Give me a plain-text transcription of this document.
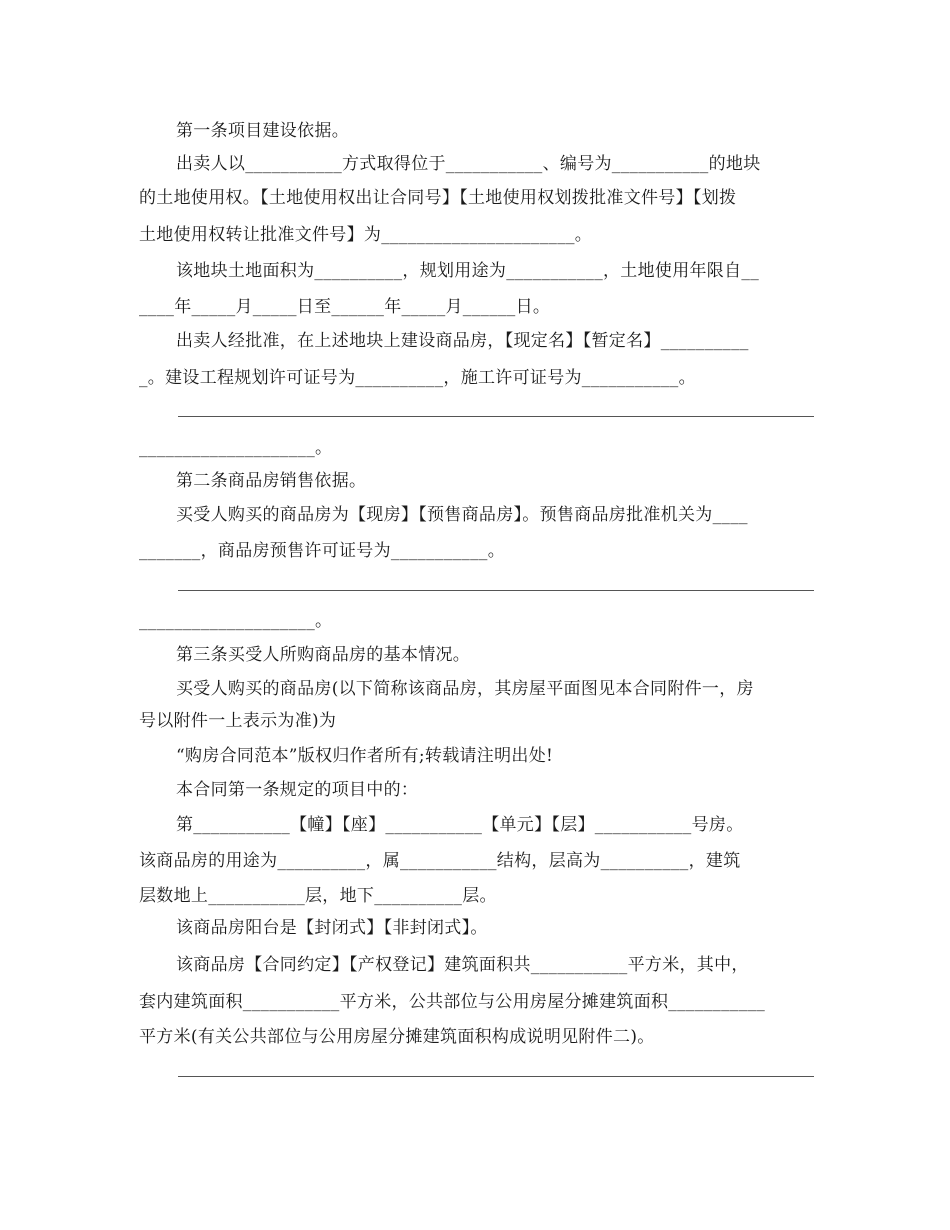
第一条项目建设依据。
出卖人以___________方式取得位于___________、编号为___________的地块
的土地使用权。【土地使用权出让合同号】【土地使用权划拨批准文件号】【划拨
土地使用权转让批准文件号】为______________________。
该地块土地面积为__________，规划用途为___________，土地使用年限自__
____年_____月_____日至______年_____月______日。
出卖人经批准，在上述地块上建设商品房，【现定名】【暂定名】__________
_。建设工程规划许可证号为__________，施工许可证号为___________。
____________________。
第二条商品房销售依据。
买受人购买的商品房为【现房】【预售商品房】。预售商品房批准机关为____
_______，商品房预售许可证号为___________。
____________________。
第三条买受人所购商品房的基本情况。
买受人购买的商品房(以下简称该商品房，其房屋平面图见本合同附件一，房
号以附件一上表示为准)为
“购房合同范本”版权归作者所有;转载请注明出处!
本合同第一条规定的项目中的：
第___________【幢】【座】___________【单元】【层】___________号房。
该商品房的用途为__________，属___________结构，层高为__________，建筑
层数地上___________层，地下__________层。
该商品房阳台是【封闭式】【非封闭式】。
该商品房【合同约定】【产权登记】建筑面积共___________平方米，其中，
套内建筑面积___________平方米，公共部位与公用房屋分摊建筑面积___________
平方米(有关公共部位与公用房屋分摊建筑面积构成说明见附件二)。
